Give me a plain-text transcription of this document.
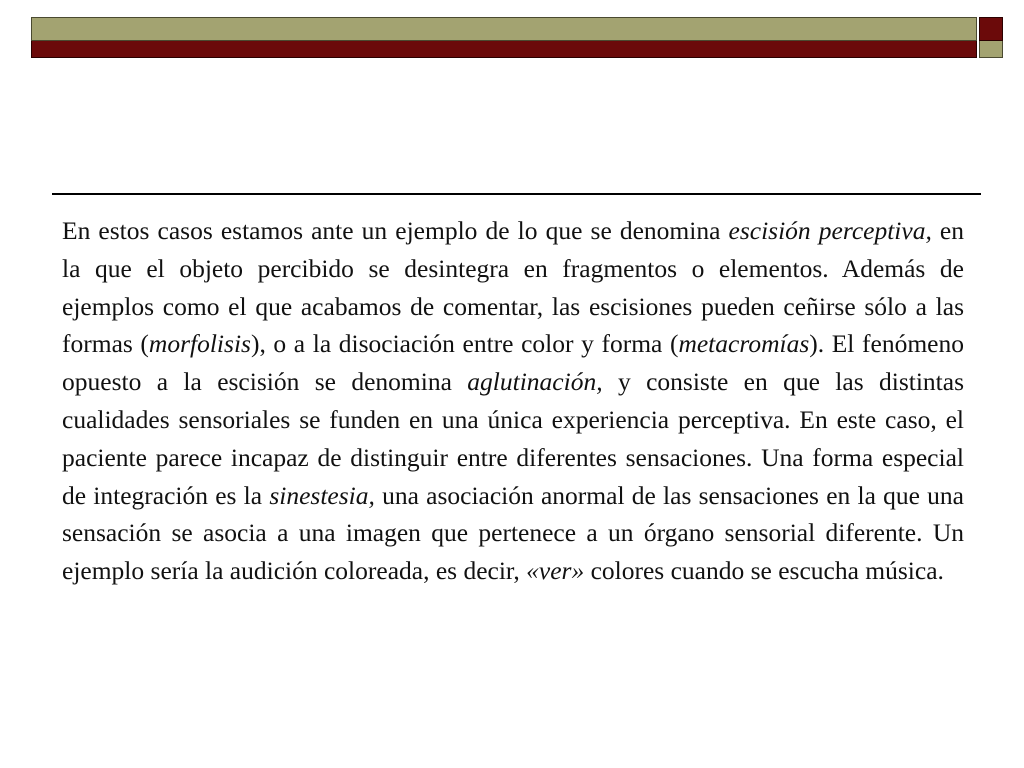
En estos casos estamos ante un ejemplo de lo que se denomina escisión perceptiva, en la que el objeto percibido se desintegra en fragmentos o elementos. Además de ejemplos como el que acabamos de comentar, las escisiones pueden ceñirse sólo a las formas (morfolisis), o a la disociación entre color y forma (metacromías). El fenómeno opuesto a la escisión se denomina aglutinación, y consiste en que las distintas cualidades sensoriales se funden en una única experiencia perceptiva. En este caso, el paciente parece incapaz de distinguir entre diferentes sensaciones. Una forma especial de integración es la sinestesia, una asociación anormal de las sensaciones en la que una sensación se asocia a una imagen que pertenece a un órgano sensorial diferente. Un ejemplo sería la audición coloreada, es decir, «ver» colores cuando se escucha música.
